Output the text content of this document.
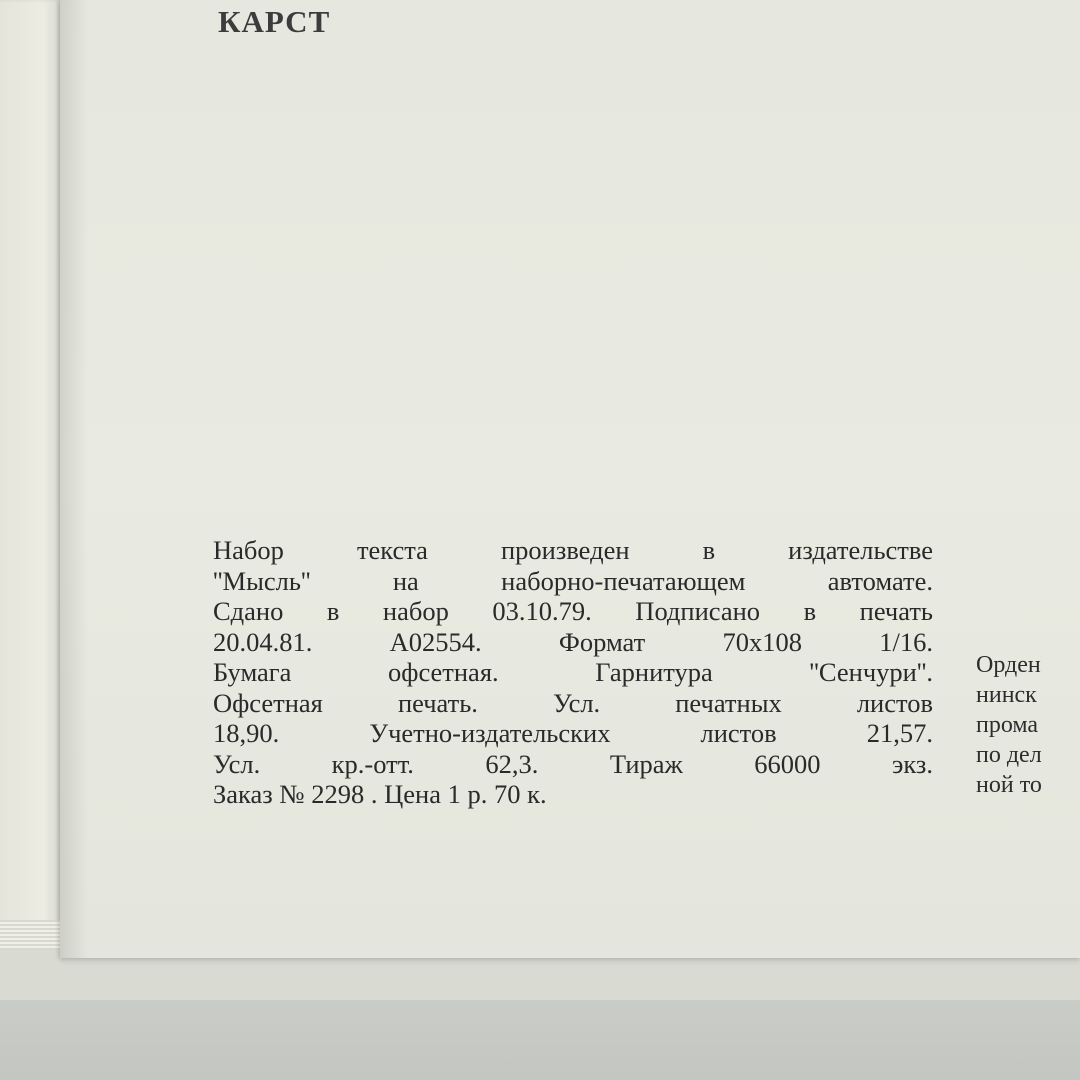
КАРСТ
Набор текста произведен в издательстве
''Мысль'' на наборно-печатающем автомате.
Сдано в набор 03.10.79. Подписано в печать
20.04.81. А02554. Формат 70x108 1/16.
Бумага офсетная. Гарнитура ''Сенчури''.
Офсетная печать. Усл. печатных листов
18,90. Учетно-издательских листов 21,57.
Усл. кр.-отт. 62,3. Тираж 66000 экз.
Заказ № 2298 . Цена 1 р. 70 к.
Орден
нинск
прома
по дел
ной то
